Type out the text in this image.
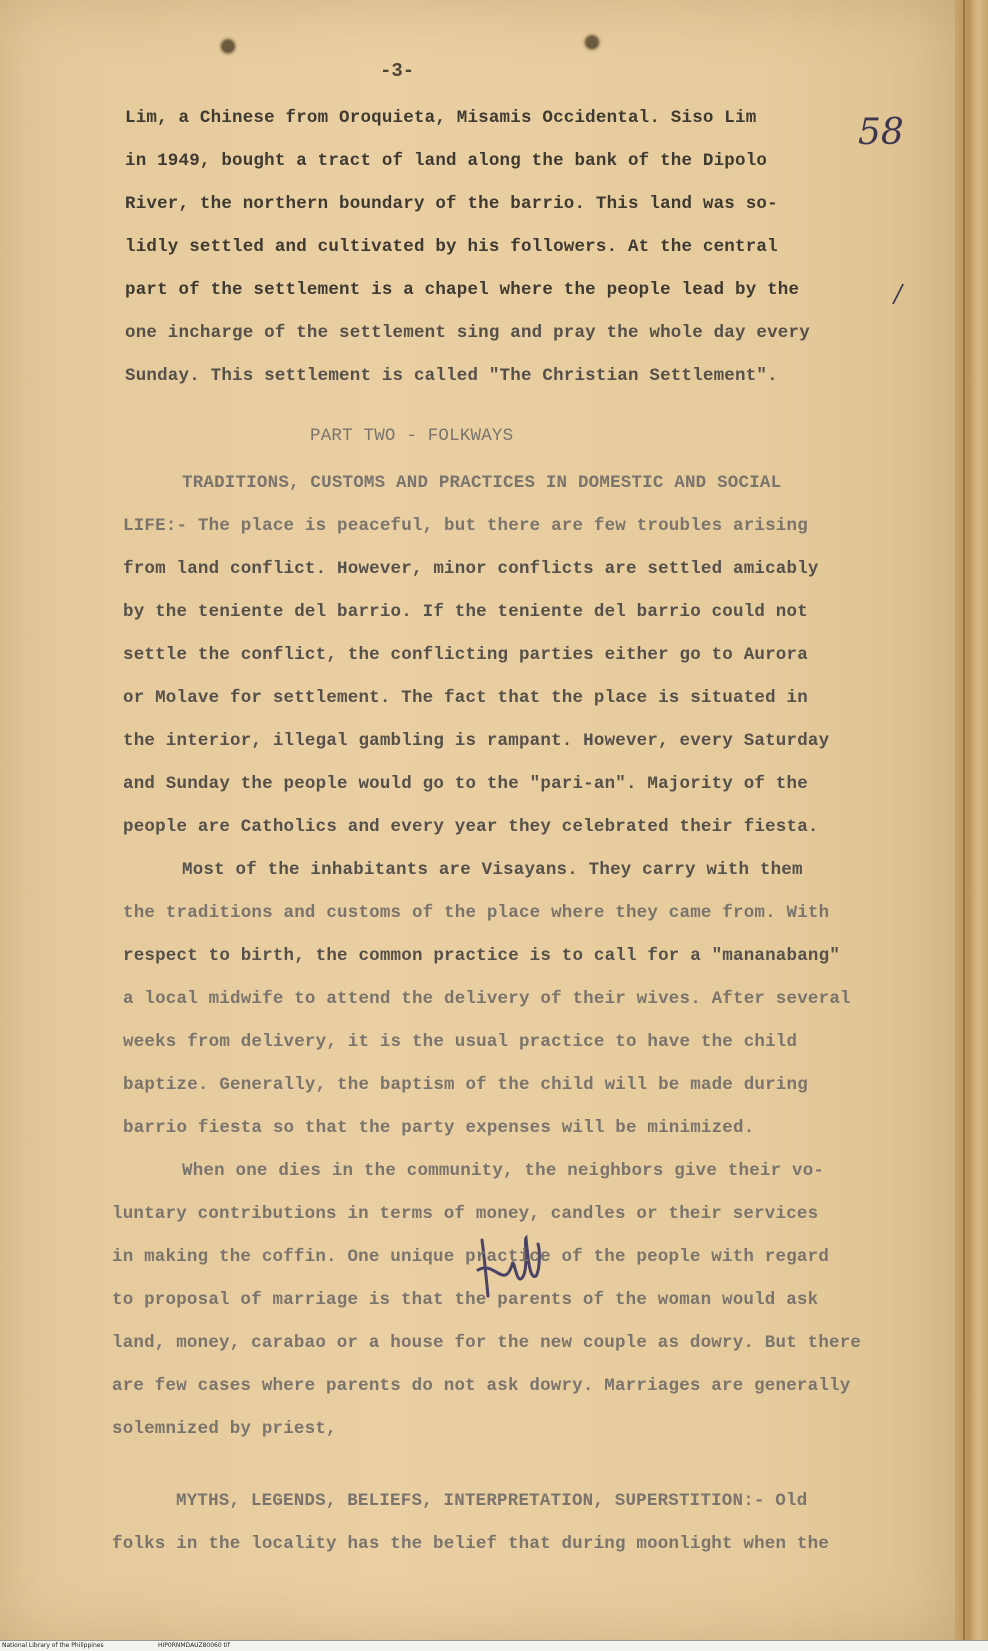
-3-
58
/
Lim, a Chinese from Oroquieta, Misamis Occidental. Siso Lim
in 1949, bought a tract of land along the bank of the Dipolo
River, the northern boundary of the barrio. This land was so-
lidly settled and cultivated by his followers. At the central
part of the settlement is a chapel where the people lead by the
one incharge of the settlement sing and pray the whole day every
Sunday. This settlement is called "The Christian Settlement".
PART TWO - FOLKWAYS
TRADITIONS, CUSTOMS AND PRACTICES IN DOMESTIC AND SOCIAL
LIFE:- The place is peaceful, but there are few troubles arising
from land conflict. However, minor conflicts are settled amicably
by the teniente del barrio. If the teniente del barrio could not
settle the conflict, the conflicting parties either go to Aurora
or Molave for settlement. The fact that the place is situated in
the interior, illegal gambling is rampant. However, every Saturday
and Sunday the people would go to the "pari-an". Majority of the
people are Catholics and every year they celebrated their fiesta.
Most of the inhabitants are Visayans. They carry with them
the traditions and customs of the place where they came from. With
respect to birth, the common practice is to call for a "mananabang"
a local midwife to attend the delivery of their wives. After several
weeks from delivery, it is the usual practice to have the child
baptize. Generally, the baptism of the child will be made during
barrio fiesta so that the party expenses will be minimized.
When one dies in the community, the neighbors give their vo-
luntary contributions in terms of money, candles or their services
in making the coffin. One unique practice of the people with regard
to proposal of marriage is that the parents of the woman would ask
land, money, carabao or a house for the new couple as dowry. But there
are few cases where parents do not ask dowry. Marriages are generally
solemnized by priest,
MYTHS, LEGENDS, BELIEFS, INTERPRETATION, SUPERSTITION:- Old
folks in the locality has the belief that during moonlight when the
National Library of the Philippines	HIP0RNMDAUZ80060 tif
